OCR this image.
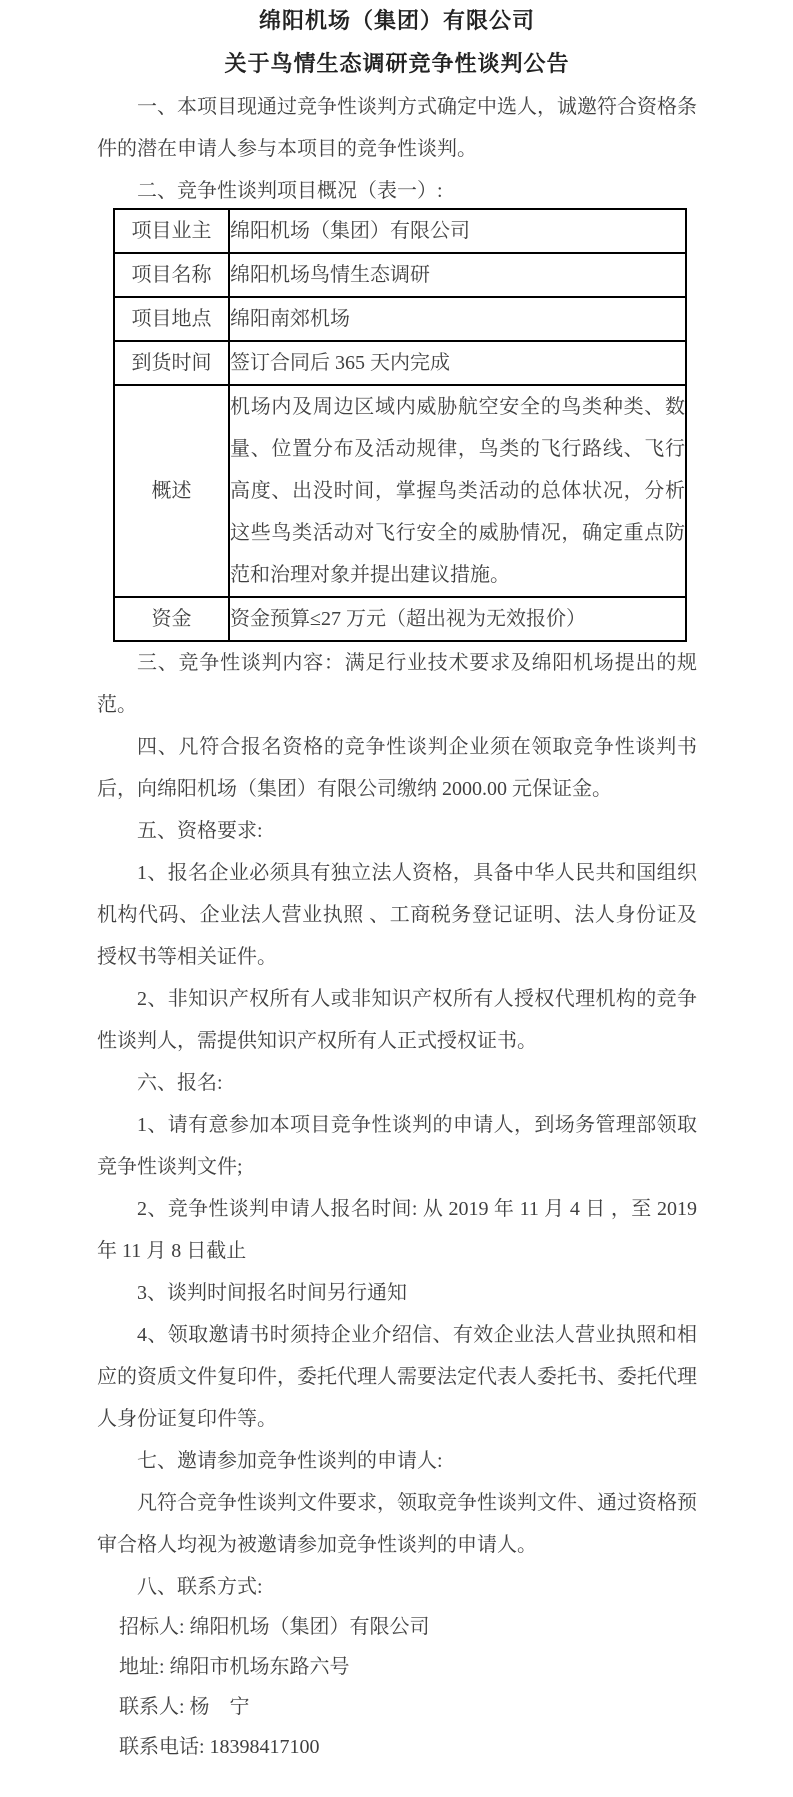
绵阳机场（集团）有限公司
关于鸟情生态调研竞争性谈判公告

一、本项目现通过竞争性谈判方式确定中选人，诚邀符合资格条件的潜在申请人参与本项目的竞争性谈判。

二、竞争性谈判项目概况（表一）:

项目业主	绵阳机场（集团）有限公司
项目名称	绵阳机场鸟情生态调研
项目地点	绵阳南郊机场
到货时间	签订合同后 365 天内完成
概述	机场内及周边区域内威胁航空安全的鸟类种类、数量、位置分布及活动规律，鸟类的飞行路线、飞行高度、出没时间，掌握鸟类活动的总体状况，分析这些鸟类活动对飞行安全的威胁情况，确定重点防范和治理对象并提出建议措施。
资金	资金预算≤27 万元（超出视为无效报价）

三、竞争性谈判内容：满足行业技术要求及绵阳机场提出的规范。

四、凡符合报名资格的竞争性谈判企业须在领取竞争性谈判书后，向绵阳机场（集团）有限公司缴纳 2000.00 元保证金。

五、资格要求:

1、报名企业必须具有独立法人资格，具备中华人民共和国组织机构代码、企业法人营业执照 、工商税务登记证明、法人身份证及授权书等相关证件。

2、非知识产权所有人或非知识产权所有人授权代理机构的竞争性谈判人，需提供知识产权所有人正式授权证书。

六、报名:

1、请有意参加本项目竞争性谈判的申请人，到场务管理部领取竞争性谈判文件;

2、竞争性谈判申请人报名时间: 从 2019 年 11 月 4 日 ，至 2019 年 11 月 8 日截止

3、谈判时间报名时间另行通知

4、领取邀请书时须持企业介绍信、有效企业法人营业执照和相应的资质文件复印件，委托代理人需要法定代表人委托书、委托代理人身份证复印件等。

七、邀请参加竞争性谈判的申请人:

凡符合竞争性谈判文件要求，领取竞争性谈判文件、通过资格预审合格人均视为被邀请参加竞争性谈判的申请人。

八、联系方式:

招标人: 绵阳机场（集团）有限公司

地址: 绵阳市机场东路六号

联系人: 杨　宁

联系电话: 18398417100
